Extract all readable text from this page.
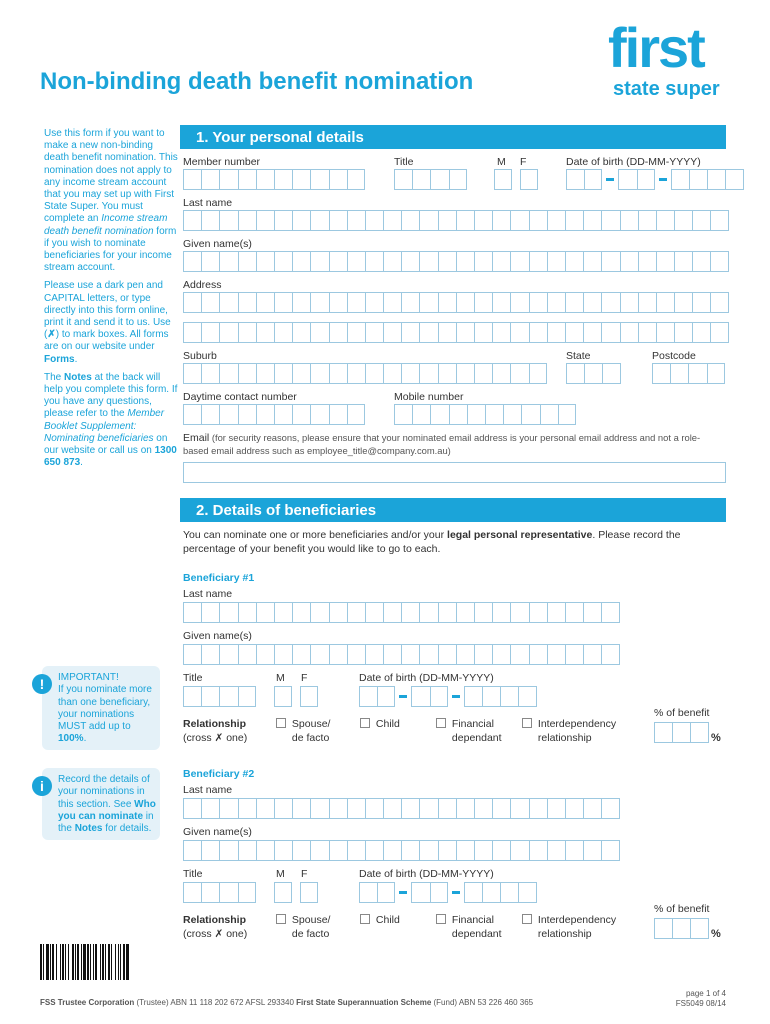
Non-binding death benefit nomination
first
state super

Use this form if you want to make a new non-binding death benefit nomination. This nomination does not apply to any income stream account that you may set up with First State Super. You must complete an Income stream death benefit nomination form if you wish to nominate beneficiaries for your income stream account.

Please use a dark pen and CAPITAL letters, or type directly into this form online, print it and send it to us. Use (✗) to mark boxes. All forms are on our website under Forms.

The Notes at the back will help you complete this form. If you have any questions, please refer to the Member Booklet Supplement: Nominating beneficiaries on our website or call us on 1300 650 873.

1. Your personal details
Member number	Title	M F	Date of birth (DD-MM-YYYY)
Last name
Given name(s)
Address
Suburb	State	Postcode
Daytime contact number	Mobile number
Email (for security reasons, please ensure that your nominated email address is your personal email address and not a role-based email address such as employee_title@company.com.au)
2. Details of beneficiaries
You can nominate one or more beneficiaries and/or your legal personal representative. Please record the percentage of your benefit you would like to go to each.
Beneficiary #1
Last name
Given name(s)
Title	M F	Date of birth (DD-MM-YYYY)
Relationship
(cross ✗ one)
Spouse/
de facto
Child	Financial
dependant
Interdependency
relationship
% of benefit
%
Beneficiary #2
Last name
Given name(s)
Title	M F	Date of birth (DD-MM-YYYY)
Relationship
(cross ✗ one)
Spouse/
de facto
Child	Financial
dependant
Interdependency
relationship
% of benefit
%
!	IMPORTANT!
If you nominate more than one beneficiary, your nominations MUST add up to 100%.
i	Record the details of your nominations in this section. See Who you can nominate in the Notes for details.
FSS Trustee Corporation (Trustee) ABN 11 118 202 672 AFSL 293340 First State Superannuation Scheme (Fund) ABN 53 226 460 365
page 1 of 4
FS5049 08/14
